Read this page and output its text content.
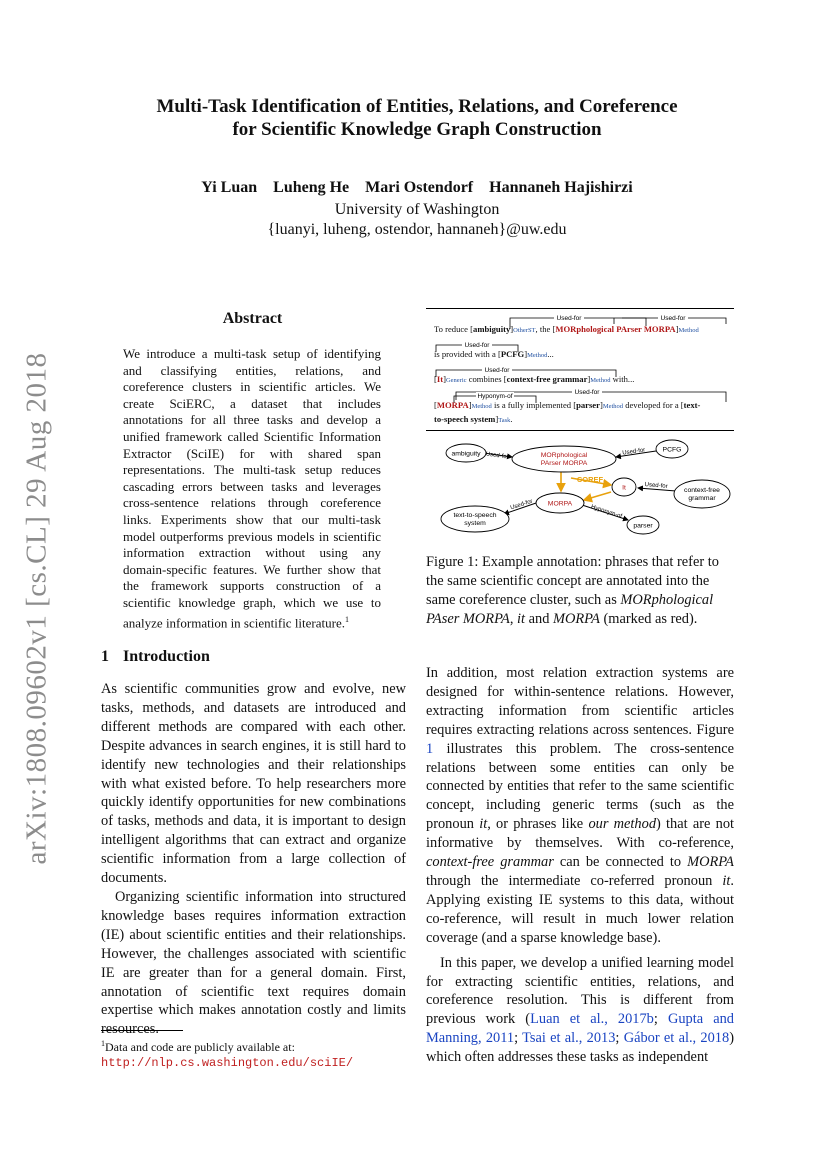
arXiv:1808.09602v1 [cs.CL] 29 Aug 2018
Multi-Task Identification of Entities, Relations, and Coreference
for Scientific Knowledge Graph Construction
Yi Luan Luheng He Mari Ostendorf Hannaneh Hajishirzi
University of Washington
{luanyi, luheng, ostendor, hannaneh}@uw.edu
Abstract

We introduce a multi-task setup of identifying and classifying entities, relations, and coreference clusters in scientific articles. We create SciERC, a dataset that includes annotations for all three tasks and develop a unified framework called Scientific Information Extractor (SciIE) for with shared span representations. The multi-task setup reduces cascading errors between tasks and leverages cross-sentence relations through coreference links. Experiments show that our multi-task model outperforms previous models in scientific information extraction without using any domain-specific features. We further show that the framework supports construction of a scientific knowledge graph, which we use to analyze information in scientific literature.$^1$

1 Introduction

As scientific communities grow and evolve, new tasks, methods, and datasets are introduced and different methods are compared with each other. Despite advances in search engines, it is still hard to identify new technologies and their relationships with what existed before. To help researchers more quickly identify opportunities for new combinations of tasks, methods and data, it is important to design intelligent algorithms that can extract and organize scientific information from a large collection of documents.

Organizing scientific information into structured knowledge bases requires information extraction (IE) about scientific entities and their relationships. However, the challenges associated with scientific IE are greater than for a general domain. First, annotation of scientific text requires domain expertise which makes annotation costly and limits resources.

$^1$Data and code are publicly available at: http://nlp.cs.washington.edu/sciIE/

Used-for	Used-for
Used-for
Used-for
Used-for
Hyponym-of
To reduce [ambiguity]OtherST, the [MORphological PArser MORPA]Method
is provided with a [PCFG]Method...
[It]Generic combines [context-free grammar]Method with...
[MORPA]Method is a fully implemented [parser]Method developed for a [text-
to-speech system]Task.
ambiguity	MORphological
PArser MORPA
PCFG
It	context-free
grammar
MORPA
text-to-speech
system	parser
COREF
Used-for	Used-for
Used-for
Used-for	Hyponym-of

Figure 1: Example annotation: phrases that refer to the same scientific concept are annotated into the same coreference cluster, such as MORphological PAser MORPA, it and MORPA (marked as red).

In addition, most relation extraction systems are designed for within-sentence relations. However, extracting information from scientific articles requires extracting relations across sentences. Figure 1 illustrates this problem. The cross-sentence relations between some entities can only be connected by entities that refer to the same scientific concept, including generic terms (such as the pronoun it, or phrases like our method) that are not informative by themselves. With co-reference, context-free grammar can be connected to MORPA through the intermediate co-referred pronoun it. Applying existing IE systems to this data, without co-reference, will result in much lower relation coverage (and a sparse knowledge base).

In this paper, we develop a unified learning model for extracting scientific entities, relations, and coreference resolution. This is different from previous work (Luan et al., 2017b; Gupta and Manning, 2011; Tsai et al., 2013; Gábor et al., 2018) which often addresses these tasks as independent
